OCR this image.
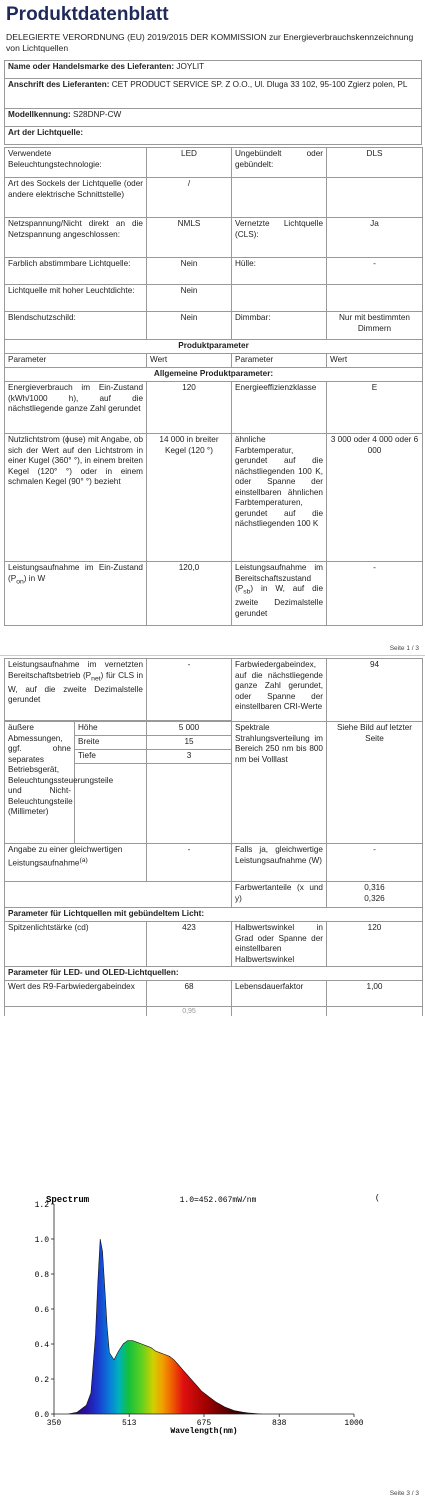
Produktdatenblatt
DELEGIERTE VERORDNUNG (EU) 2019/2015 DER KOMMISSION zur Energieverbrauchskennzeichnung von Lichtquellen
Name oder Handelsmarke des Lieferanten: JOYLIT
Anschrift des Lieferanten: CET PRODUCT SERVICE SP. Z O.O., Ul. Dluga 33 102, 95-100 Zgierz polen, PL
Modellkennung: S28DNP-CW
Art der Lichtquelle:
Verwendete Beleuchtungstechnologie:	LED	Ungebündelt oder gebündelt:	DLS
Art des Sockels der Lichtquelle (oder andere elektrische Schnittstelle)	/		
Netzspannung/Nicht direkt an die Netzspannung angeschlossen:	NMLS	Vernetzte Lichtquelle (CLS):	Ja
Farblich abstimmbare Lichtquelle:	Nein	Hülle:	-
Lichtquelle mit hoher Leuchtdichte:	Nein		
Blendschutzschild:	Nein	Dimmbar:	Nur mit bestimmten Dimmern
Produktparameter			
Parameter	Wert	Parameter	Wert
Allgemeine Produktparameter:			
Energieverbrauch im Ein-Zustand (kWh/1000 h), auf die nächstliegende ganze Zahl gerundet	120	Energieeffizienzklasse	E
Nutzlichtstrom (ϕuse) mit Angabe, ob sich der Wert auf den Lichtstrom in einer Kugel (360° °), in einem breiten Kegel (120° °) oder in einem schmalen Kegel (90° °) bezieht	14 000 in breiter Kegel (120 °)	ähnliche Farbtemperatur, gerundet auf die nächstliegenden 100 K, oder Spanne der einstellbaren ähnlichen Farbtemperaturen, gerundet auf die nächstliegenden 100 K	3 000 oder 4 000 oder 6 000
Leistungsaufnahme im Ein-Zustand $(P_{on})$ in W	120,0	Leistungsaufnahme im Bereitschaftszustand $(P_{sb})$ in W, auf die zweite Dezimalstelle gerundet	-
Seite 1 / 3
Leistungsaufnahme im vernetzten Bereitschaftsbetrieb $(P_{net})$ für CLS in W, auf die zweite Dezimalstelle gerundet		-	Farbwiedergabeindex, auf die nächstliegende ganze Zahl gerundet, oder Spanne der einstellbaren CRI-Werte	94

äußere Abmessungen, ggf. ohne separates Betriebsgerät, Beleuchtungssteuerungsteile und Nicht-Beleuchtungsteile (Millimeter)	Höhe	5 000	Spektrale Strahlungsverteilung im Bereich 250 nm bis 800 nm bei Volllast	Siehe Bild auf letzter Seite
	Breite	15		
	Tiefe	3		

Angabe zu einer gleichwertigen Leistungsaufnahme$^{(a)}$		-	Falls ja, gleichwertige Leistungsaufnahme (W)	-
			Farbwertanteile (x und y)	0,316
0,326

Parameter für Lichtquellen mit gebündeltem Licht:				
Spitzenlichtstärke (cd)		423	Halbwertswinkel in Grad oder Spanne der einstellbaren Halbwertswinkel	120
Parameter für LED- und OLED-Lichtquellen:				
Wert des R9-Farbwiedergabeindex		68	Lebensdauerfaktor	1,00
		0,95		
Spectrum	1.0=452.067mW/nm	(
0.0
0.2
0.4
0.6
0.8
1.0
1.2
350	513	675	838	1000
Wavelength(nm)
Seite 3 / 3
